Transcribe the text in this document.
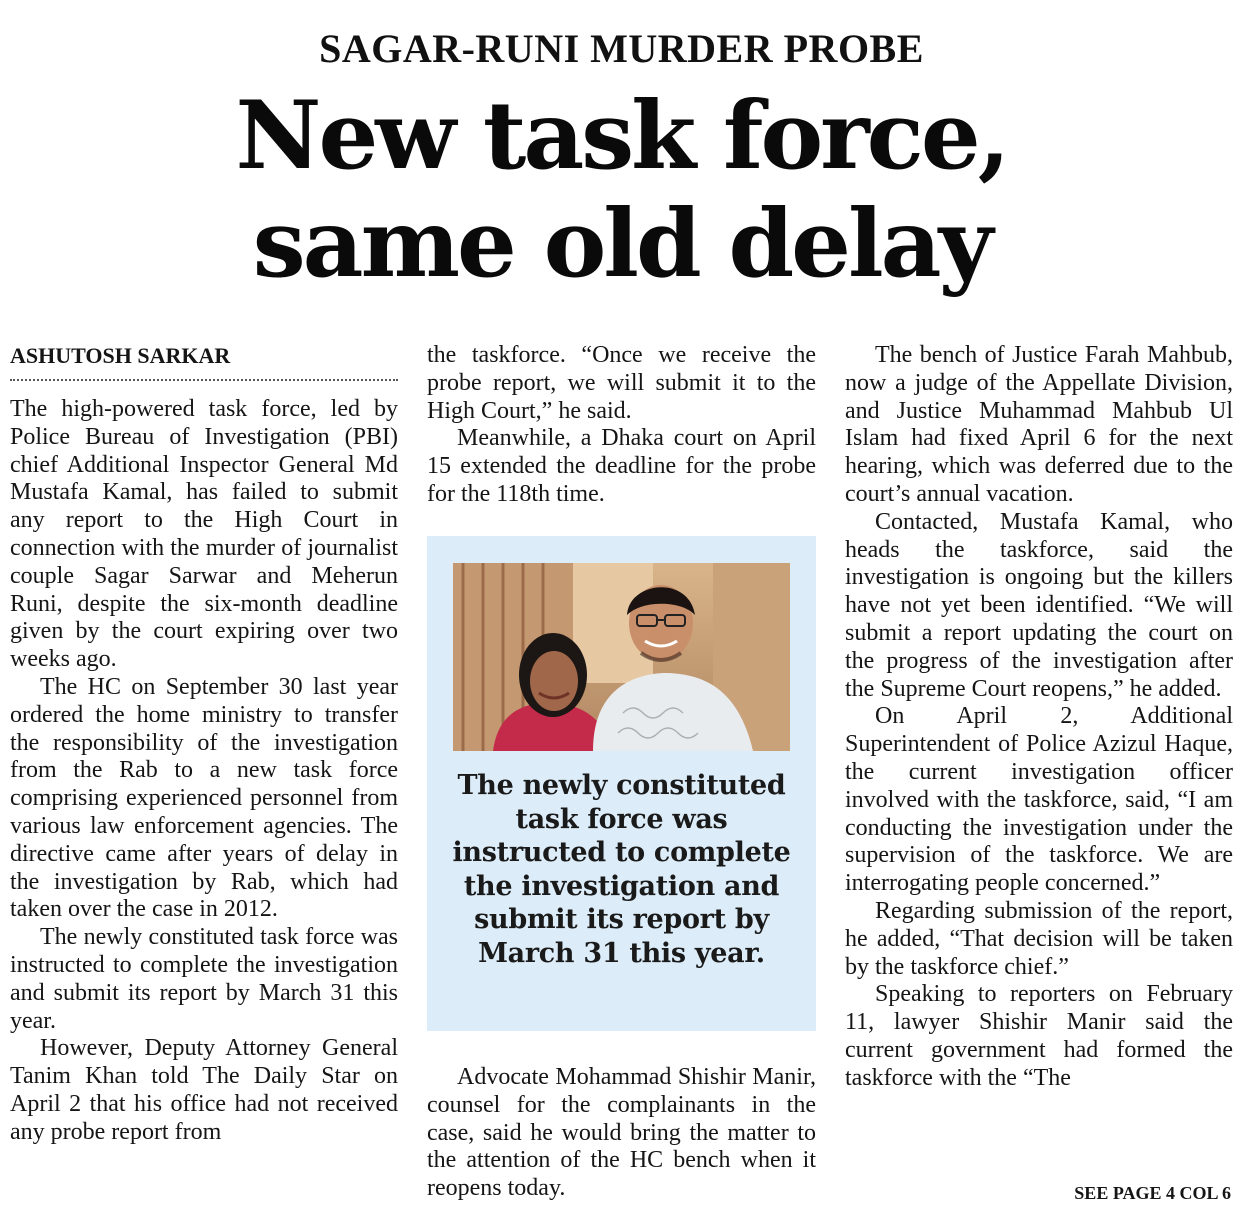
SAGAR-RUNI MURDER PROBE
New task force,
same old delay
ASHUTOSH SARKAR

The high-powered task force, led by Police Bureau of Investigation (PBI) chief Additional Inspector General Md Mustafa Kamal, has failed to submit any report to the High Court in connection with the murder of journalist couple Sagar Sarwar and Meherun Runi, despite the six-month deadline given by the court expiring over two weeks ago.

The HC on September 30 last year ordered the home ministry to transfer the responsibility of the investigation from the Rab to a new task force comprising experienced personnel from various law enforcement agencies. The directive came after years of delay in the investigation by Rab, which had taken over the case in 2012.

The newly constituted task force was instructed to complete the investigation and submit its report by March 31 this year.

However, Deputy Attorney General Tanim Khan told The Daily Star on April 2 that his office had not received any probe report from

the taskforce. “Once we receive the probe report, we will submit it to the High Court,” he said.

Meanwhile, a Dhaka court on April 15 extended the deadline for the probe for the 118th time.

The newly constituted task force was instructed to complete the investigation and submit its report by March 31 this year.

Advocate Mohammad Shishir Manir, counsel for the complainants in the case, said he would bring the matter to the attention of the HC bench when it reopens today.

The bench of Justice Farah Mahbub, now a judge of the Appellate Division, and Justice Muhammad Mahbub Ul Islam had fixed April 6 for the next hearing, which was deferred due to the court’s annual vacation.

Contacted, Mustafa Kamal, who heads the taskforce, said the investigation is ongoing but the killers have not yet been identified. “We will submit a report updating the court on the progress of the investigation after the Supreme Court reopens,” he added.

On April 2, Additional Superintendent of Police Azizul Haque, the current investigation officer involved with the taskforce, said, “I am conducting the investigation under the supervision of the taskforce. We are interrogating people concerned.”

Regarding submission of the report, he added, “That decision will be taken by the taskforce chief.”

Speaking to reporters on February 11, lawyer Shishir Manir said the current government had formed the taskforce with the “The

SEE PAGE 4 COL 6
